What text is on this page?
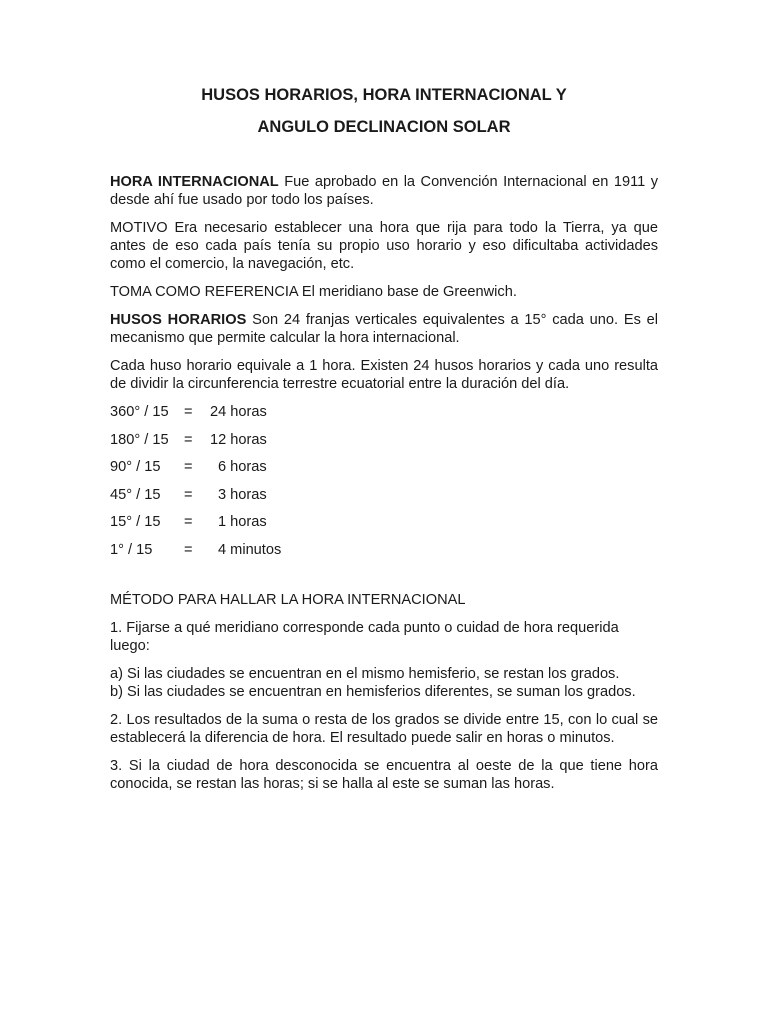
HUSOS HORARIOS, HORA INTERNACIONAL Y
ANGULO DECLINACION SOLAR

HORA INTERNACIONAL Fue aprobado en la Convención Internacional en 1911 y desde ahí fue usado por todo los países.

MOTIVO Era necesario establecer una hora que rija para todo la Tierra, ya que antes de eso cada país tenía su propio uso horario y eso dificultaba actividades como el comercio, la navegación, etc.

TOMA COMO REFERENCIA El meridiano base de Greenwich.

HUSOS HORARIOS Son 24 franjas verticales equivalentes a 15° cada uno. Es el mecanismo que permite calcular la hora internacional.

Cada huso horario equivale a 1 hora. Existen 24 husos horarios y cada uno resulta de dividir la circunferencia terrestre ecuatorial entre la duración del día.

360° / 15	=	24 horas
180° / 15	=	12 horas
90° / 15	=	6 horas
45° / 15	=	3 horas
15° / 15	=	1 horas
1° / 15	=	4 minutos

MÉTODO PARA HALLAR LA HORA INTERNACIONAL

1. Fijarse a qué meridiano corresponde cada punto o cuidad de hora requerida luego:

a) Si las ciudades se encuentran en el mismo hemisferio, se restan los grados.

b) Si las ciudades se encuentran en hemisferios diferentes, se suman los grados.

2. Los resultados de la suma o resta de los grados se divide entre 15, con lo cual se establecerá la diferencia de hora. El resultado puede salir en horas o minutos.

3. Si la ciudad de hora desconocida se encuentra al oeste de la que tiene hora conocida, se restan las horas; si se halla al este se suman las horas.
